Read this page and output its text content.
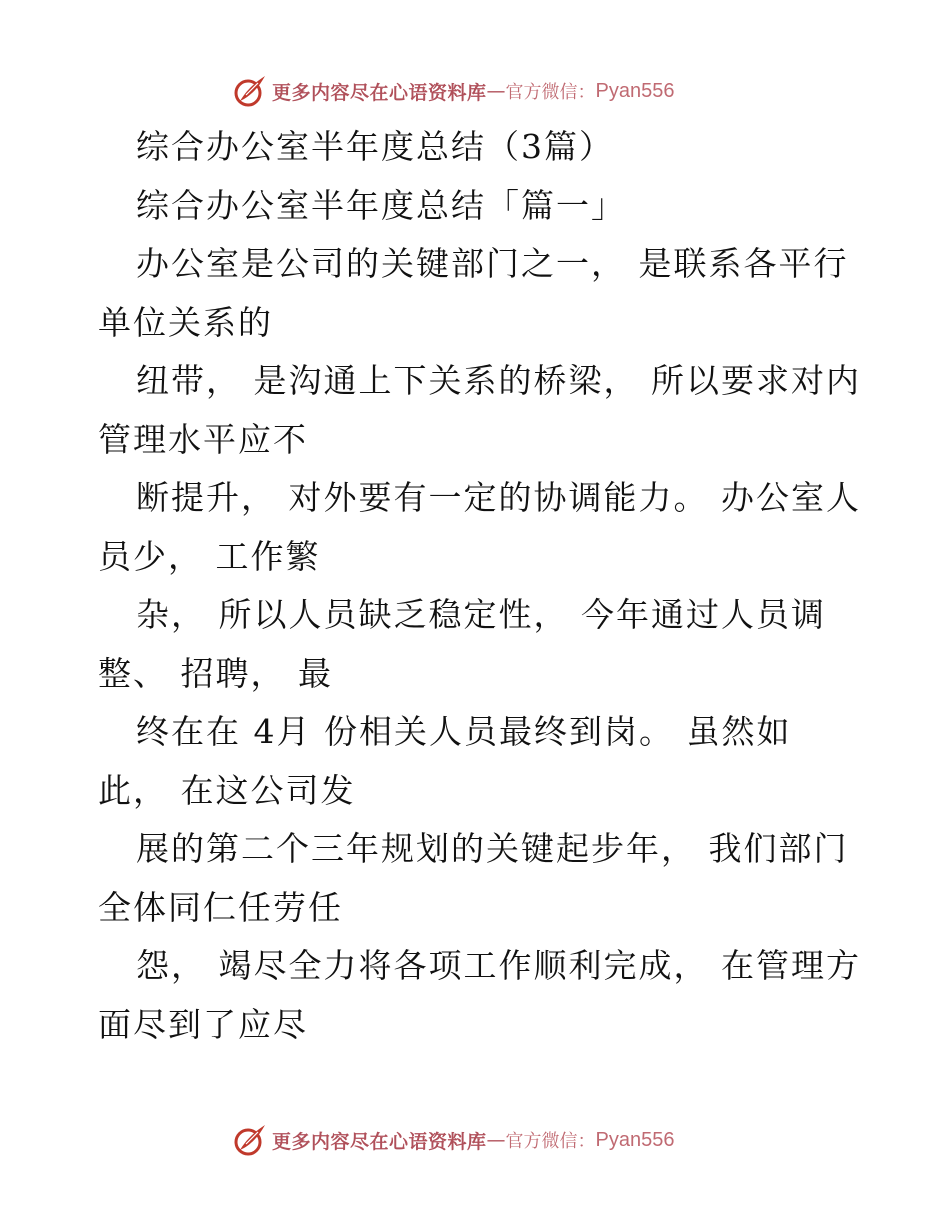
更多内容尽在心语资料库 — 官方微信： Pyan556
综合办公室半年度总结（3篇）
综合办公室半年度总结「篇一」
办公室是公司的关键部门之一， 是联系各平行
单位关系的
纽带， 是沟通上下关系的桥梁， 所以要求对内
管理水平应不
断提升， 对外要有一定的协调能力。 办公室人
员少， 工作繁
杂， 所以人员缺乏稳定性， 今年通过人员调
整、 招聘， 最
终在在 4月 份相关人员最终到岗。 虽然如
此， 在这公司发
展的第二个三年规划的关键起步年， 我们部门
全体同仁任劳任
怨， 竭尽全力将各项工作顺利完成， 在管理方
面尽到了应尽
更多内容尽在心语资料库 — 官方微信： Pyan556
